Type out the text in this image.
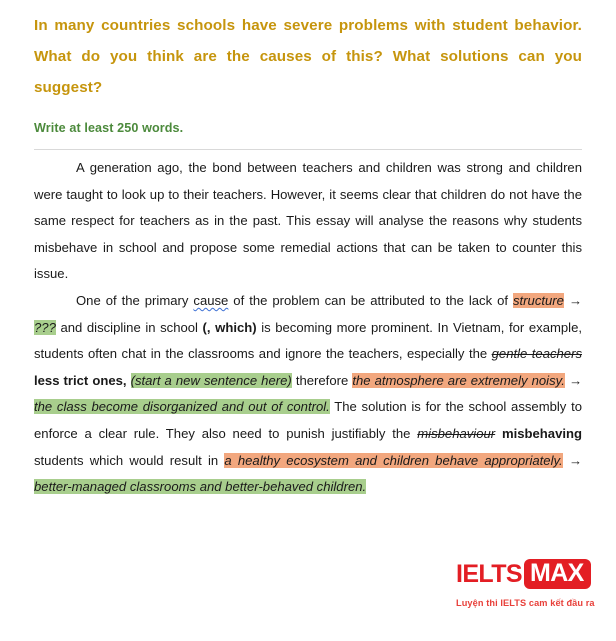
In many countries schools have severe problems with student behavior. What do you think are the causes of this? What solutions can you suggest?
Write at least 250 words.

A generation ago, the bond between teachers and children was strong and children were taught to look up to their teachers. However, it seems clear that children do not have the same respect for teachers as in the past. This essay will analyse the reasons why students misbehave in school and propose some remedial actions that can be taken to counter this issue.

One of the primary cause of the problem can be attributed to the lack of structure → ??? and discipline in school (, which) is becoming more prominent. In Vietnam, for example, students often chat in the classrooms and ignore the teachers, especially the gentle teachers less trict ones, (start a new sentence here) therefore the atmosphere are extremely noisy. → the class become disorganized and out of control. The solution is for the school assembly to enforce a clear rule. They also need to punish justifiably the misbehaviour misbehaving students which would result in a healthy ecosystem and children behave appropriately. → better-managed classrooms and better-behaved children.

IELTS MAX
Luyện thi IELTS cam kết đầu ra
